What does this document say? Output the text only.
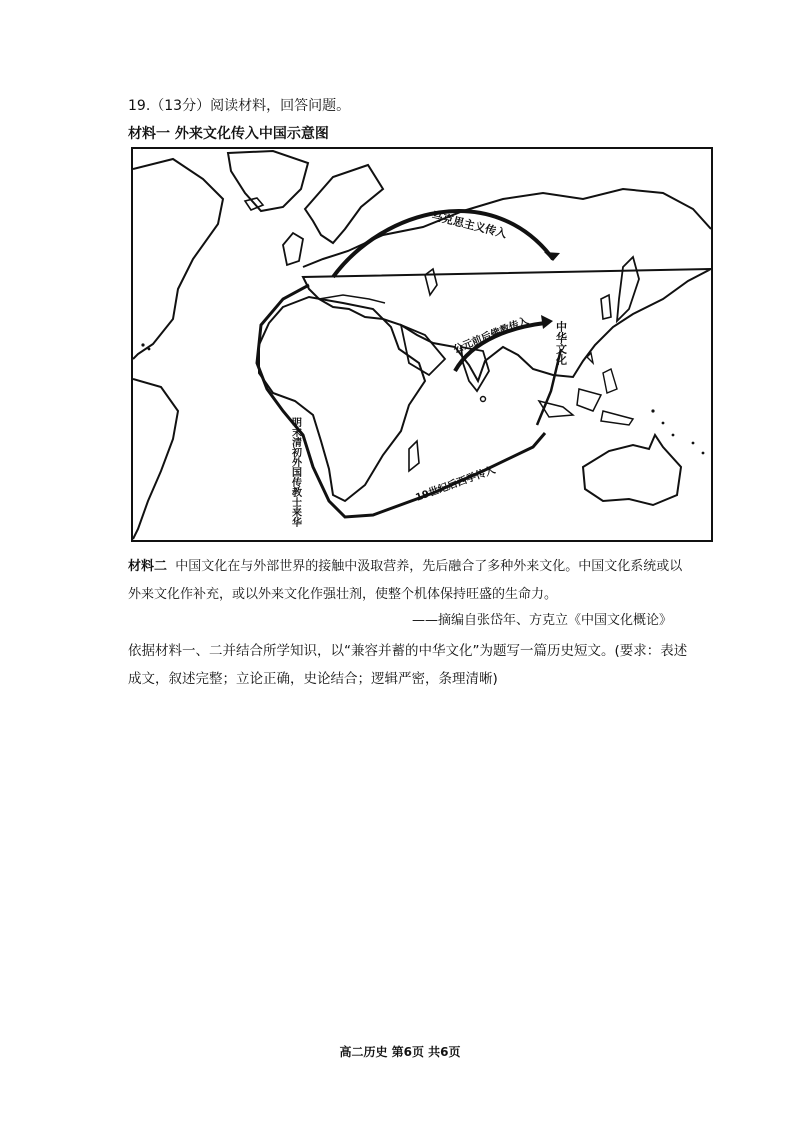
19.（13分）阅读材料，回答问题。
材料一 外来文化传入中国示意图
马克思主义传入
公元前后佛教传入
19世纪后西学传入
中华文化
明末清初外国传教士来华
材料二 中国文化在与外部世界的接触中汲取营养，先后融合了多种外来文化。中国文化系统或以外来文化作补充，或以外来文化作强壮剂，使整个机体保持旺盛的生命力。
——摘编自张岱年、方克立《中国文化概论》
依据材料一、二并结合所学知识，以“兼容并蓄的中华文化”为题写一篇历史短文。(要求：表述成文，叙述完整；立论正确，史论结合；逻辑严密，条理清晰)
高二历史 第6页 共6页
